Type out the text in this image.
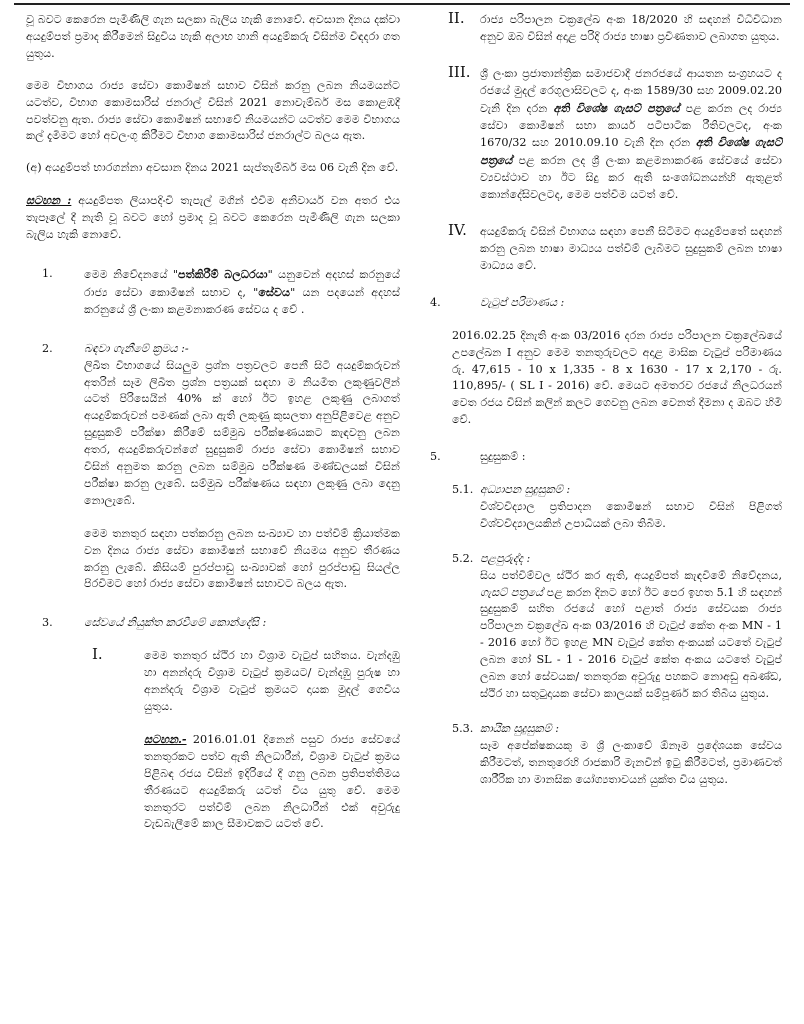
වූ බවට කෙරෙන පැමිණිලි ගැන සලකා බැලිය හැකි නොවේ. අවසාන දිනය දක්වා අයදුම්පත් ප්‍රමාද කිරීමෙන් සිදුවිය හැකි අලාභ හානි අයදුම්කරු විසින්ම විඳදරා ගත යුතුය.

මෙම විභාගය රාජ්‍ය සේවා කොමිෂන් සභාව විසින් කරනු ලබන නියමයන්ට යටත්ව, විභාග කොමසාරිස් ජනරාල් විසින් 2021 නොවැම්බර් මස කොළඹදී පවත්වනු ඇත. රාජ්‍ය සේවා කොමිෂන් සභාවේ නියමයන්ට යටත්ව මෙම විභාගය කල් දැමීමට හෝ අවලංගු කිරීමට විභාග කොමසාරිස් ජනරාල්ට බලය ඇත.

(අ) අයදුම්පත් භාරගන්නා අවසාන දිනය 2021 සැප්තැම්බර් මස 06 වැනි දින වේ.

සටහන : අයදුම්පත ලියාපදිංචි තැපැල් මගින් එවීම අනිවාර්ය වන අතර එය තැපෑලේ දී නැති වූ බවට හෝ ප්‍රමාද වූ බවට කෙරෙන පැමිණිලි ගැන සලකා බැලිය හැකි නොවේ.

1.	මෙම නිවේදනයේ "පත්කිරීම් බලධරයා" යනුවෙන් අදහස් කරනුයේ රාජ්‍ය සේවා කොමිෂන් සභාව ද, "සේවය" යන පදයෙන් අදහස් කරනුයේ ශ්‍රී ලංකා කළමනාකරණ සේවය ද වේ .

2.	බඳවා ගැනීමේ ක්‍රමය :-

ලිඛිත විභාගයේ සියලුම ප්‍රශ්න පත්‍රවලට පෙනී සිටි අයදුම්කරුවන් අතරින් සෑම ලිඛිත ප්‍රශ්න පත්‍රයක් සඳහා ම නියමිත ලකුණුවලින් යටත් පිරිසෙයින් 40% ක් හෝ ඊට ඉහළ ලකුණු ලබාගත් අයදුම්කරුවන් පමණක් ලබා ඇති ලකුණු කුසලතා අනුපිළිවෙළ අනුව සුදුසුකම් පරීක්ෂා කිරීමේ සම්මුඛ පරීක්ෂණයකට කැඳවනු ලබන අතර, අයදුම්කරුවන්ගේ සුදුසුකම් රාජ්‍ය සේවා කොමිෂන් සභාව විසින් අනුමත කරනු ලබන සම්මුඛ පරීක්ෂණ මණ්ඩලයක් විසින් පරීක්ෂා කරනු ලැබේ. සම්මුඛ පරීක්ෂණය සඳහා ලකුණු ලබා දෙනු නොලැබේ.

මෙම තනතුර සඳහා පත්කරනු ලබන සංඛ්‍යාව හා පත්වීම් ක්‍රියාත්මක වන දිනය රාජ්‍ය සේවා කොමිෂන් සභාවේ නියමය අනුව තීරණය කරනු ලැබේ. කිසියම් පුරප්පාඩු සංඛ්‍යාවක් හෝ පුරප්පාඩු සියල්ල පිරවීමට හෝ රාජ්‍ය සේවා කොමිෂන් සභාවට බලය ඇත.

3.	සේවයේ නියුක්ත කරවීමේ කොන්දේසි :

I.	මෙම තනතුර ස්ථිර හා විශ්‍රාම වැටුප් සහිතය. වැන්දඹු හා අනන්දරු විශ්‍රාම වැටුප් ක්‍රමයට/ වැන්දඹු පුරුෂ හා අනන්දරු විශ්‍රාම වැටුප් ක්‍රමයට දායක මුදල් ගෙවිය යුතුය.

සටහන.- 2016.01.01 දිනෙන් පසුව රාජ්‍ය සේවයේ තනතුරකට පත්ව ඇති නිලධාරීන්, විශ්‍රාම වැටුප් ක්‍රමය පිළිබඳ රජය විසින් ඉදිරියේ දී ගනු ලබන ප්‍රතිපත්තිමය තීරණයට අයදුම්කරු යටත් විය යුතු වේ. මෙම තනතුරට පත්වීම් ලබන නිලධාරීන් එක් අවුරුදු වැඩබැලීමේ කාල සීමාවකට යටත් වේ.

II. රාජ්‍ය පරිපාලන චක්‍රලේඛ අංක 18/2020 හි සඳහන් විධිවිධාන අනුව ඔබ විසින් අදාළ පරිදි රාජ්‍ය භාෂා ප්‍රවීණතාව ලබාගත යුතුය.

III. ශ්‍රී ලංකා ප්‍රජාතාන්ත්‍රික සමාජවාදී ජනරජයේ ආයතන සංග්‍රහයට ද රජයේ මුදල් රෙගුලාසිවලට ද, අංක 1589/30 සහ 2009.02.20 වැනි දින දරන අති විශේෂ ගැසට් පත්‍රයේ පළ කරන ලද රාජ්‍ය සේවා කොමිෂන් සභා කාර්ය පටිපාටික රීතිවලටද, අංක 1670/32 සහ 2010.09.10 වැනි දින දරන අති විශේෂ ගැසට් පත්‍රයේ පළ කරන ලද ශ්‍රී ලංකා කළමනාකරණ සේවයේ සේවා ව්‍යවස්ථාව හා ඊට සිදු කර ඇති සංශෝධනයන්හි ඇතුළත් කොන්දේසිවලටද, මෙම පත්වීම යටත් වේ.

IV. අයදුම්කරු විසින් විභාගය සඳහා පෙනී සිටීමට අයදුම්පතේ සඳහන් කරනු ලබන භාෂා මාධ්‍යය පත්වීම් ලැබීමට සුදුසුකම් ලබන භාෂා මාධ්‍යය වේ.

4.	වැටුප් පරිමාණය :

2016.02.25 දිනැති අංක 03/2016 දරන රාජ්‍ය පරිපාලන චක්‍රලේඛයේ උපලේඛන I අනුව මෙම තනතුරුවලට අදාළ මාසික වැටුප් පරිමාණය රු. 47,615 - 10 x 1,335 - 8 x 1630 - 17 x 2,170 - රු. 110,895/- ( SL I - 2016) වේ. මෙයට අමතරව රජයේ නිලධරයන් වෙත රජය විසින් කලින් කලට ගෙවනු ලබන වෙනත් දීමනා ද ඔබට හිමි වේ.

5.	සුදුසුකම් :

5.1. අධ්‍යාපන සුදුසුකම් :

විශ්වවිද්‍යාල ප්‍රතිපාදන කොමිෂන් සභාව විසින් පිළිගත් විශ්වවිද්‍යාලයකින් උපාධියක් ලබා තිබීම.

5.2. පළපුරුද්ද :

සිය පත්වීම්වල ස්ථිර කර ඇති, අයදුම්පත් කැඳවීමේ නිවේදනය, ගැසට් පත්‍රයේ පළ කරන දිනට හෝ ඊට පෙර ඉහත 5.1 හි සඳහන් සුදුසුකම් සහිත රජයේ හෝ පළාත් රාජ්‍ය සේවයක රාජ්‍ය පරිපාලන චක්‍රලේඛ අංක 03/2016 හි වැටුප් කේත අංක MN - 1 - 2016 හෝ ඊට ඉහළ MN වැටුප් කේත අංකයක් යටතේ වැටුප් ලබන හෝ SL - 1 - 2016 වැටුප් කේත අංකය යටතේ වැටුප් ලබන හෝ සේවයක/ තනතුරක අවුරුදු පහකට නොඅඩු අඛණ්ඩ, ස්ථිර හා සතුටුදායක සේවා කාලයක් සම්පූර්ණ කර තිබිය යුතුය.

5.3. කායික සුදුසුකම් :

සෑම අපේක්ෂකයකු ම ශ්‍රී ලංකාවේ ඕනෑම ප්‍රදේශයක සේවය කිරීමටත්, තනතුරෙහි රාජකාරි මැනවින් ඉටු කිරීමටත්, ප්‍රමාණවත් ශාරීරික හා මානසික යෝග්‍යතාවයන් යුක්ත විය යුතුය.
